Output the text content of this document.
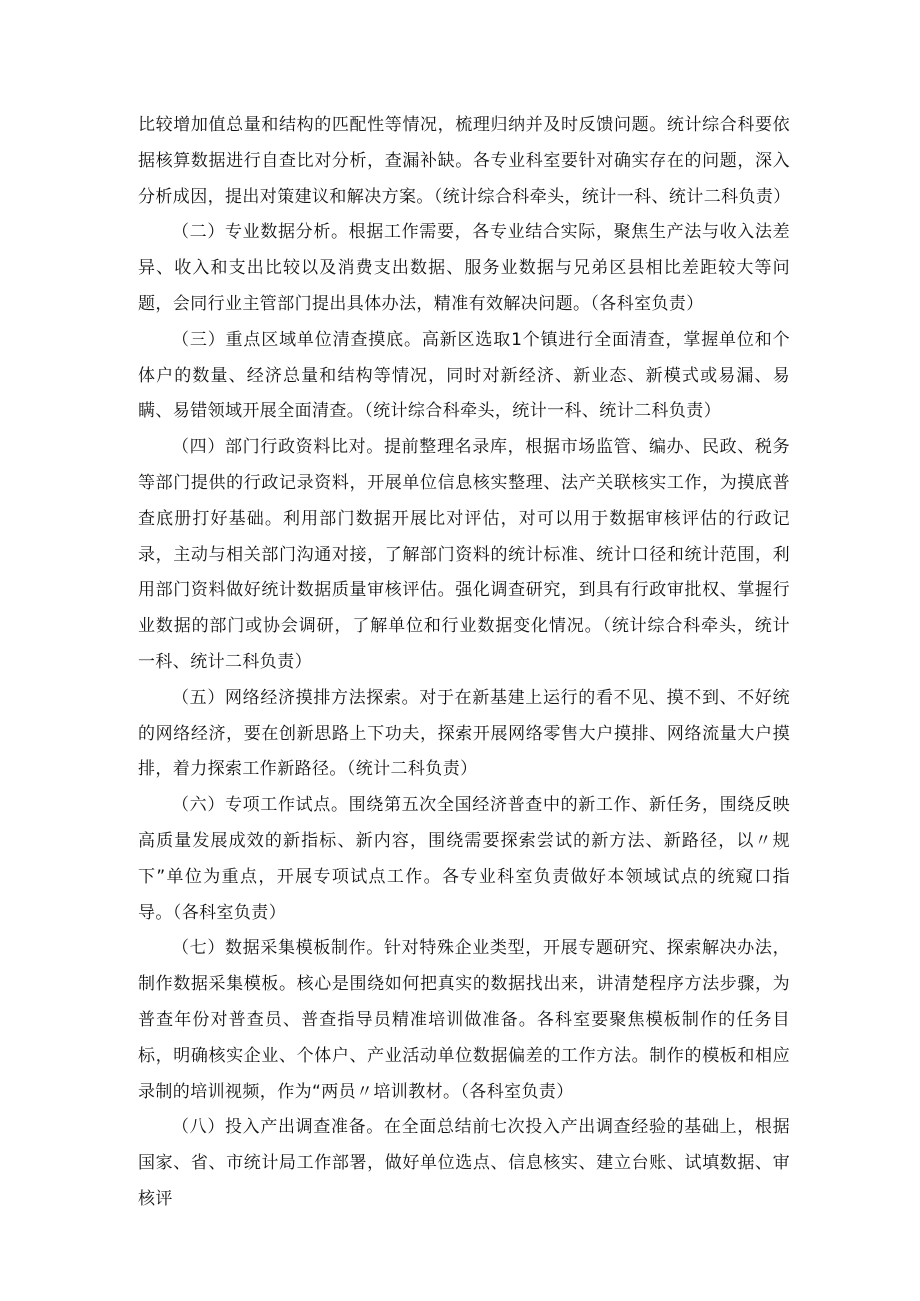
比较增加值总量和结构的匹配性等情况，梳理归纳并及时反馈问题。统计综合科要依据核算数据进行自查比对分析，查漏补缺。各专业科室要针对确实存在的问题，深入分析成因，提出对策建议和解决方案。（统计综合科牵头，统计一科、统计二科负责）

（二）专业数据分析。根据工作需要，各专业结合实际，聚焦生产法与收入法差异、收入和支出比较以及消费支出数据、服务业数据与兄弟区县相比差距较大等问题，会同行业主管部门提出具体办法，精准有效解决问题。（各科室负责）

（三）重点区域单位清查摸底。高新区选取1个镇进行全面清查，掌握单位和个体户的数量、经济总量和结构等情况，同时对新经济、新业态、新模式或易漏、易瞒、易错领域开展全面清查。（统计综合科牵头，统计一科、统计二科负责）

（四）部门行政资料比对。提前整理名录库，根据市场监管、编办、民政、税务等部门提供的行政记录资料，开展单位信息核实整理、法产关联核实工作，为摸底普查底册打好基础。利用部门数据开展比对评估，对可以用于数据审核评估的行政记录，主动与相关部门沟通对接，了解部门资料的统计标准、统计口径和统计范围，利用部门资料做好统计数据质量审核评估。强化调查研究，到具有行政审批权、掌握行业数据的部门或协会调研，了解单位和行业数据变化情况。（统计综合科牵头，统计一科、统计二科负责）

（五）网络经济摸排方法探索。对于在新基建上运行的看不见、摸不到、不好统的网络经济，要在创新思路上下功夫，探索开展网络零售大户摸排、网络流量大户摸排，着力探索工作新路径。（统计二科负责）

（六）专项工作试点。围绕第五次全国经济普查中的新工作、新任务，围绕反映高质量发展成效的新指标、新内容，围绕需要探索尝试的新方法、新路径，以〃规下”单位为重点，开展专项试点工作。各专业科室负责做好本领域试点的统窥口指导。（各科室负责）

（七）数据采集模板制作。针对特殊企业类型，开展专题研究、探索解决办法，制作数据采集模板。核心是围绕如何把真实的数据找出来，讲清楚程序方法步骤，为普查年份对普查员、普查指导员精准培训做准备。各科室要聚焦模板制作的任务目标，明确核实企业、个体户、产业活动单位数据偏差的工作方法。制作的模板和相应录制的培训视频，作为“两员〃培训教材。（各科室负责）

（八）投入产出调查准备。在全面总结前七次投入产出调查经验的基础上，根据国家、省、市统计局工作部署，做好单位选点、信息核实、建立台账、试填数据、审核评
